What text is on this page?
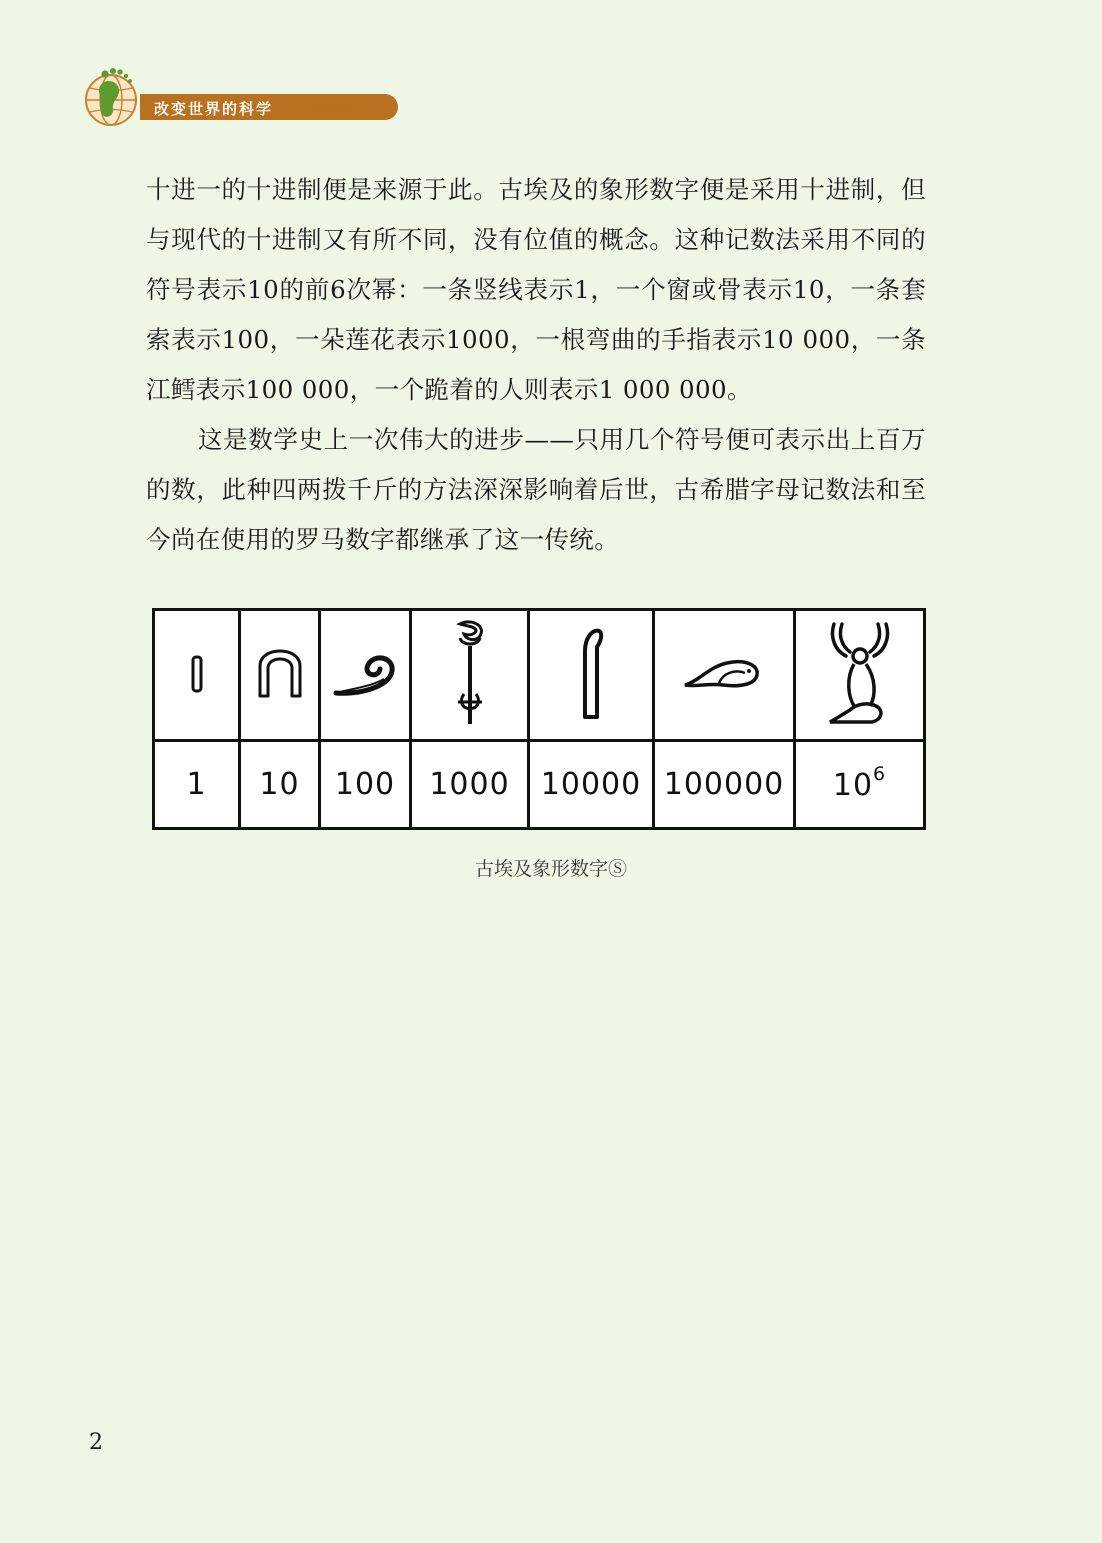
改变世界的科学 升级版

十进一的十进制便是来源于此。古埃及的象形数字便是采用十进制，但与现代的十进制又有所不同，没有位值的概念。这种记数法采用不同的符号表示10的前6次幂：一条竖线表示1，一个窗或骨表示10，一条套索表示100，一朵莲花表示1000，一根弯曲的手指表示10 000，一条江鳕表示100 000，一个跪着的人则表示1 000 000。

这是数学史上一次伟大的进步——只用几个符号便可表示出上百万的数，此种四两拨千斤的方法深深影响着后世，古希腊字母记数法和至今尚在使用的罗马数字都继承了这一传统。

1	10	100	1000	10000	100000	$10^6$
古埃及象形数字Ⓢ
2
